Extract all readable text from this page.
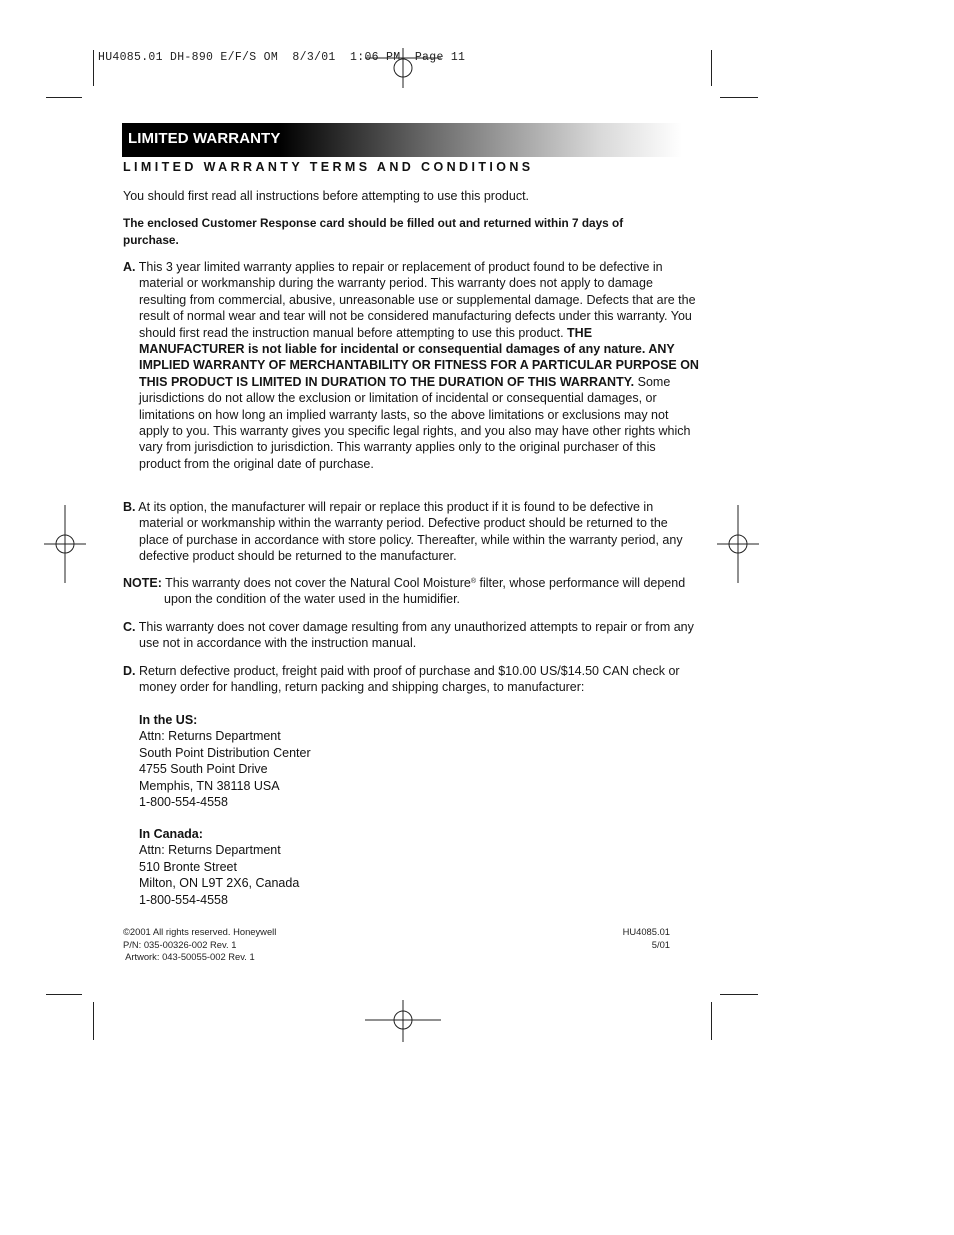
HU4085.01 DH-890 E/F/S OM  8/3/01  1:06 PM  Page 11
LIMITED WARRANTY
LIMITED WARRANTY TERMS AND CONDITIONS
You should first read all instructions before attempting to use this product.
The enclosed Customer Response card should be filled out and returned within 7 days of purchase.
A. This 3 year limited warranty applies to repair or replacement of product found to be defective in material or workmanship during the warranty period. This warranty does not apply to damage resulting from commercial, abusive, unreasonable use or supplemental damage. Defects that are the result of normal wear and tear will not be considered manufacturing defects under this warranty. You should first read the instruction manual before attempting to use this product. THE MANUFACTURER is not liable for incidental or consequential damages of any nature. ANY IMPLIED WARRANTY OF MERCHANTABILITY OR FITNESS FOR A PARTICULAR PURPOSE ON THIS PRODUCT IS LIMITED IN DURATION TO THE DURATION OF THIS WARRANTY. Some jurisdictions do not allow the exclusion or limitation of incidental or consequential damages, or limitations on how long an implied warranty lasts, so the above limitations or exclusions may not apply to you. This warranty gives you specific legal rights, and you also may have other rights which vary from jurisdiction to jurisdiction. This warranty applies only to the original purchaser of this product from the original date of purchase.
B. At its option, the manufacturer will repair or replace this product if it is found to be defective in material or workmanship within the warranty period. Defective product should be returned to the place of purchase in accordance with store policy. Thereafter, while within the warranty period, any defective product should be returned to the manufacturer.
NOTE: This warranty does not cover the Natural Cool Moisture® filter, whose performance will depend upon the condition of the water used in the humidifier.
C. This warranty does not cover damage resulting from any unauthorized attempts to repair or from any use not in accordance with the instruction manual.
D. Return defective product, freight paid with proof of purchase and $10.00 US/$14.50 CAN check or money order for handling, return packing and shipping charges, to manufacturer:
In the US:
Attn: Returns Department
South Point Distribution Center
4755 South Point Drive
Memphis, TN 38118 USA
1-800-554-4558
In Canada:
Attn: Returns Department
510 Bronte Street
Milton, ON L9T 2X6, Canada
1-800-554-4558
©2001 All rights reserved. Honeywell
P/N: 035-00326-002 Rev. 1
Artwork: 043-50055-002 Rev. 1
HU4085.01
5/01
